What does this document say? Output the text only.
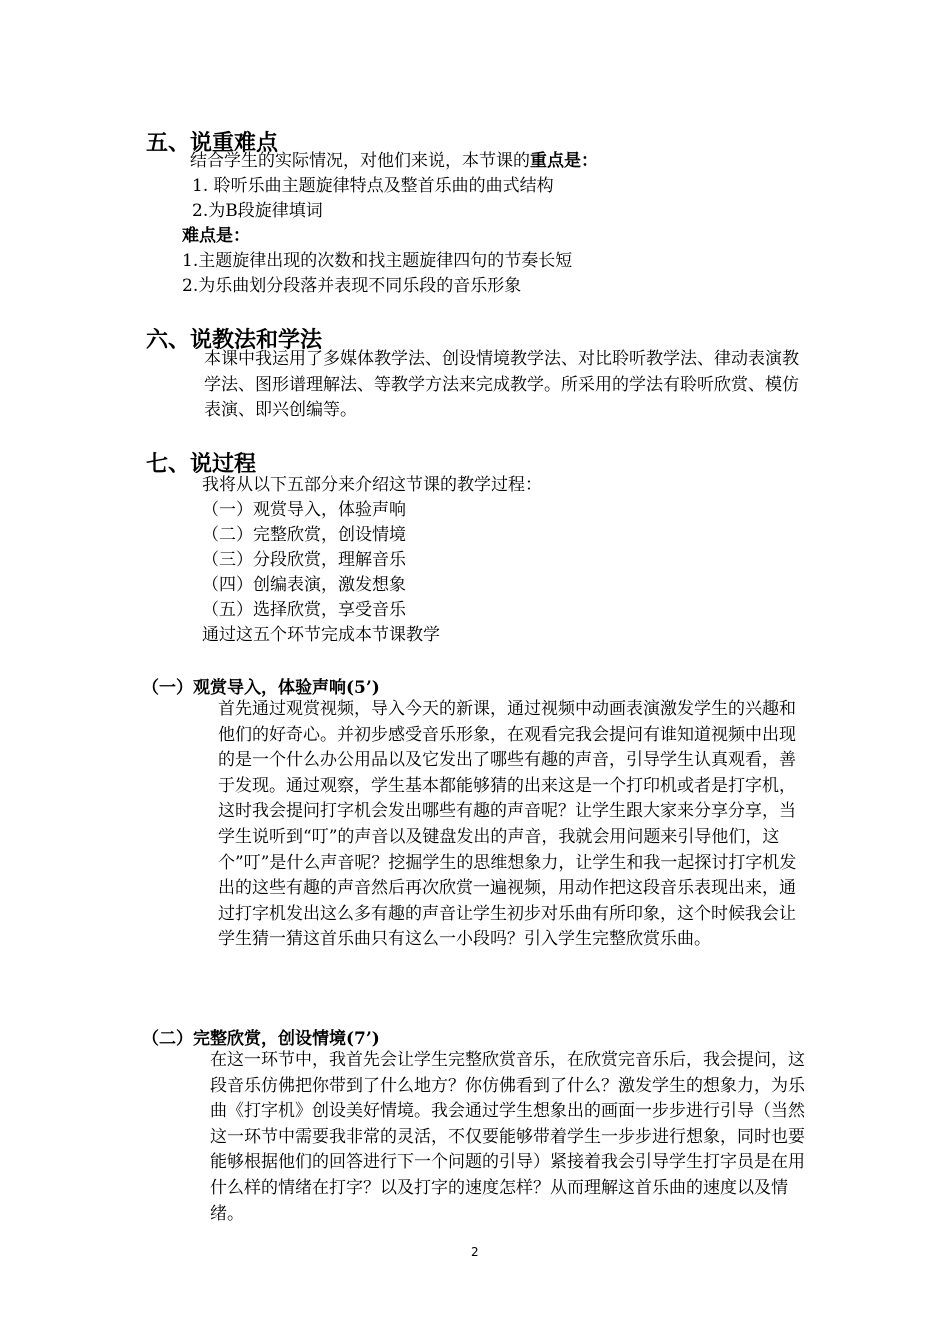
五、说重难点
结合学生的实际情况，对他们来说，本节课的重点是：
1. 聆听乐曲主题旋律特点及整首乐曲的曲式结构
2.为B段旋律填词
难点是：
1.主题旋律出现的次数和找主题旋律四句的节奏长短
2.为乐曲划分段落并表现不同乐段的音乐形象
六、说教法和学法
本课中我运用了多媒体教学法、创设情境教学法、对比聆听教学法、律动表演教学法、图形谱理解法、等教学方法来完成教学。所采用的学法有聆听欣赏、模仿表演、即兴创编等。
七、说过程
我将从以下五部分来介绍这节课的教学过程：
（一）观赏导入，体验声响
（二）完整欣赏，创设情境
（三）分段欣赏，理解音乐
（四）创编表演，激发想象
（五）选择欣赏，享受音乐
通过这五个环节完成本节课教学
（一）观赏导入，体验声响(5’)
首先通过观赏视频，导入今天的新课，通过视频中动画表演激发学生的兴趣和他们的好奇心。并初步感受音乐形象，在观看完我会提问有谁知道视频中出现的是一个什么办公用品以及它发出了哪些有趣的声音，引导学生认真观看，善于发现。通过观察，学生基本都能够猜的出来这是一个打印机或者是打字机，这时我会提问打字机会发出哪些有趣的声音呢？让学生跟大家来分享分享，当学生说听到“叮”的声音以及键盘发出的声音，我就会用问题来引导他们，这个”叮”是什么声音呢？挖掘学生的思维想象力，让学生和我一起探讨打字机发出的这些有趣的声音然后再次欣赏一遍视频，用动作把这段音乐表现出来，通过打字机发出这么多有趣的声音让学生初步对乐曲有所印象，这个时候我会让学生猜一猜这首乐曲只有这么一小段吗？引入学生完整欣赏乐曲。
（二）完整欣赏，创设情境(7’)
在这一环节中，我首先会让学生完整欣赏音乐，在欣赏完音乐后，我会提问，这段音乐仿佛把你带到了什么地方？你仿佛看到了什么？激发学生的想象力，为乐曲《打字机》创设美好情境。我会通过学生想象出的画面一步步进行引导（当然这一环节中需要我非常的灵活，不仅要能够带着学生一步步进行想象，同时也要能够根据他们的回答进行下一个问题的引导）紧接着我会引导学生打字员是在用什么样的情绪在打字？以及打字的速度怎样？从而理解这首乐曲的速度以及情绪。
2
